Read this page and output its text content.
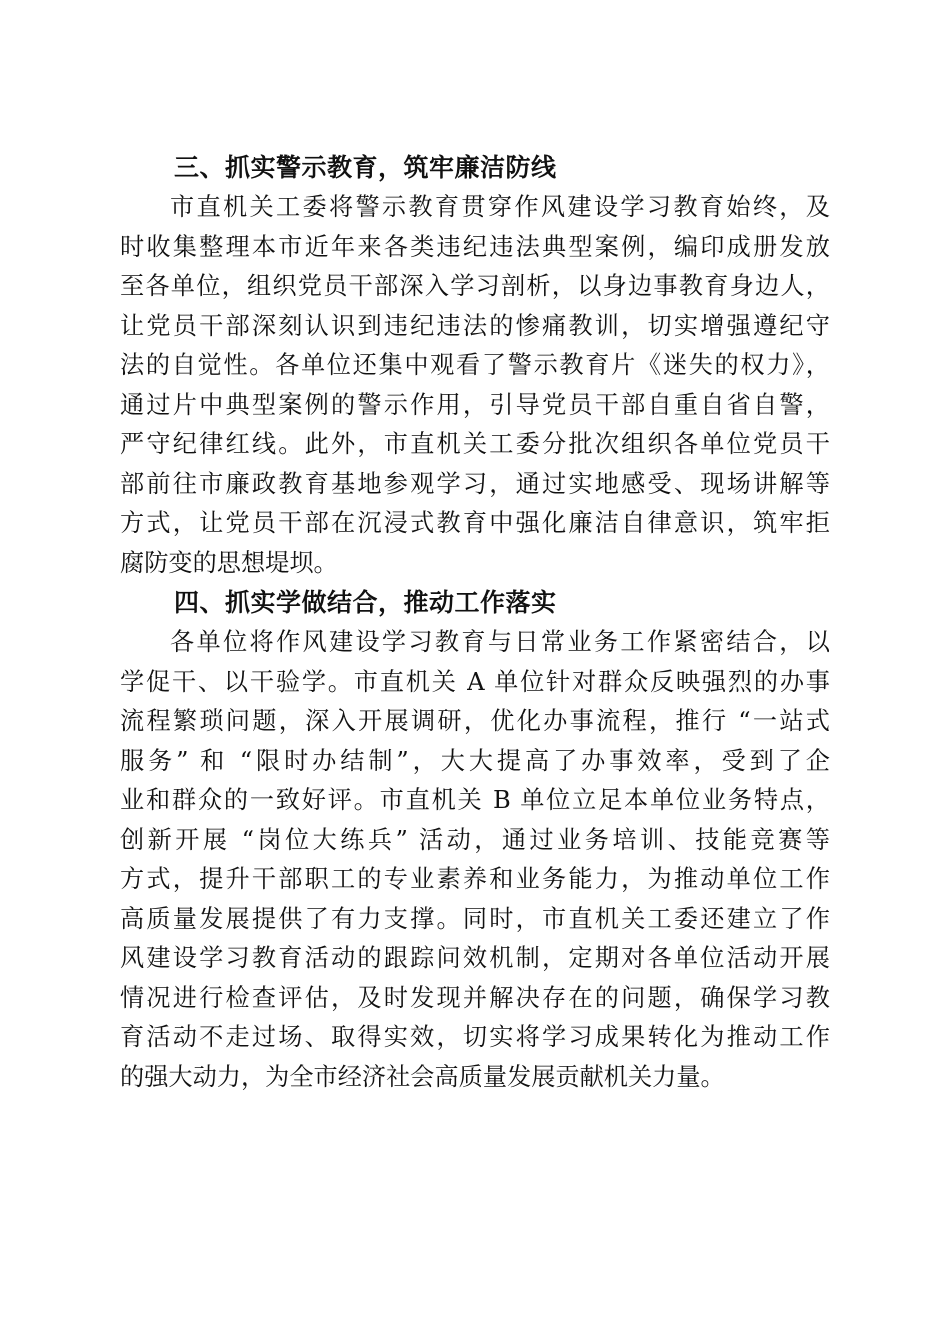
三、抓实警示教育，筑牢廉洁防线

市直机关工委将警示教育贯穿作风建设学习教育始终，及
时收集整理本市近年来各类违纪违法典型案例，编印成册发放
至各单位，组织党员干部深入学习剖析，以身边事教育身边人，
让党员干部深刻认识到违纪违法的惨痛教训，切实增强遵纪守
法的自觉性。各单位还集中观看了警示教育片《迷失的权力》，
通过片中典型案例的警示作用，引导党员干部自重自省自警，
严守纪律红线。此外，市直机关工委分批次组织各单位党员干
部前往市廉政教育基地参观学习，通过实地感受、现场讲解等
方式，让党员干部在沉浸式教育中强化廉洁自律意识，筑牢拒
腐防变的思想堤坝。

四、抓实学做结合，推动工作落实

各单位将作风建设学习教育与日常业务工作紧密结合，以
学促干、以干验学。市直机关 A 单位针对群众反映强烈的办事
流程繁琐问题，深入开展调研，优化办事流程，推行 “一站式
服务” 和 “限时办结制”，大大提高了办事效率，受到了企
业和群众的一致好评。市直机关 B 单位立足本单位业务特点，
创新开展 “岗位大练兵” 活动，通过业务培训、技能竞赛等
方式，提升干部职工的专业素养和业务能力，为推动单位工作
高质量发展提供了有力支撑。同时，市直机关工委还建立了作
风建设学习教育活动的跟踪问效机制，定期对各单位活动开展
情况进行检查评估，及时发现并解决存在的问题，确保学习教
育活动不走过场、取得实效，切实将学习成果转化为推动工作
的强大动力，为全市经济社会高质量发展贡献机关力量。
